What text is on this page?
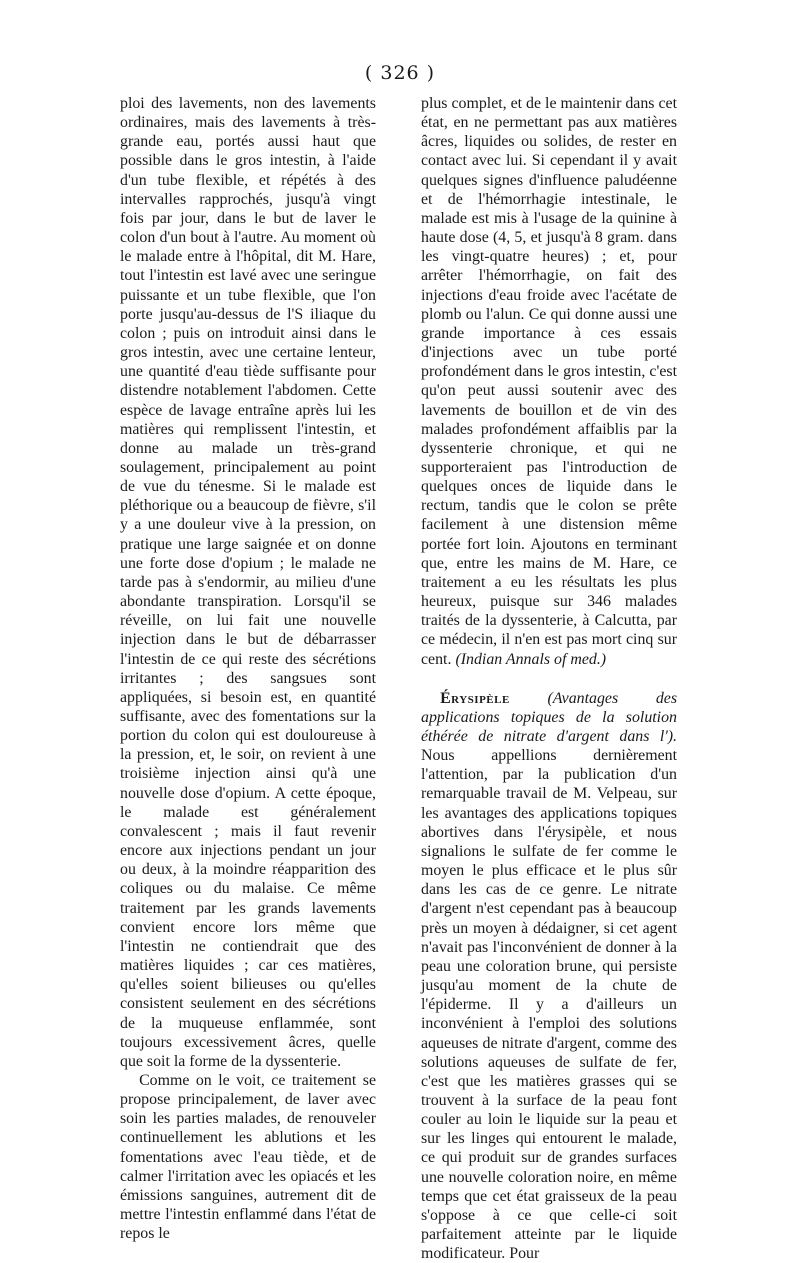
( 326 )

ploi des lavements, non des lavements ordinaires, mais des lavements à très-grande eau, portés aussi haut que possible dans le gros intestin, à l'aide d'un tube flexible, et répétés à des intervalles rapprochés, jusqu'à vingt fois par jour, dans le but de laver le colon d'un bout à l'autre. Au moment où le malade entre à l'hôpital, dit M. Hare, tout l'intestin est lavé avec une seringue puissante et un tube flexible, que l'on porte jusqu'au-dessus de l'S iliaque du colon ; puis on introduit ainsi dans le gros intestin, avec une certaine lenteur, une quantité d'eau tiède suffisante pour distendre notablement l'abdomen. Cette espèce de lavage entraîne après lui les matières qui remplissent l'intestin, et donne au malade un très-grand soulagement, principalement au point de vue du ténesme. Si le malade est pléthorique ou a beaucoup de fièvre, s'il y a une douleur vive à la pression, on pratique une large saignée et on donne une forte dose d'opium ; le malade ne tarde pas à s'endormir, au milieu d'une abondante transpiration. Lorsqu'il se réveille, on lui fait une nouvelle injection dans le but de débarrasser l'intestin de ce qui reste des sécrétions irritantes ; des sangsues sont appliquées, si besoin est, en quantité suffisante, avec des fomentations sur la portion du colon qui est douloureuse à la pression, et, le soir, on revient à une troisième injection ainsi qu'à une nouvelle dose d'opium. A cette époque, le malade est généralement convalescent ; mais il faut revenir encore aux injections pendant un jour ou deux, à la moindre réapparition des coliques ou du malaise. Ce même traitement par les grands lavements convient encore lors même que l'intestin ne contiendrait que des matières liquides ; car ces matières, qu'elles soient bilieuses ou qu'elles consistent seulement en des sécrétions de la muqueuse enflammée, sont toujours excessivement âcres, quelle que soit la forme de la dyssenterie.

Comme on le voit, ce traitement se propose principalement, de laver avec soin les parties malades, de renouveler continuellement les ablutions et les fomentations avec l'eau tiède, et de calmer l'irritation avec les opiacés et les émissions sanguines, autrement dit de mettre l'intestin enflammé dans l'état de repos le

plus complet, et de le maintenir dans cet état, en ne permettant pas aux matières âcres, liquides ou solides, de rester en contact avec lui. Si cependant il y avait quelques signes d'influence paludéenne et de l'hémorrhagie intestinale, le malade est mis à l'usage de la quinine à haute dose (4, 5, et jusqu'à 8 gram. dans les vingt-quatre heures) ; et, pour arrêter l'hémorrhagie, on fait des injections d'eau froide avec l'acétate de plomb ou l'alun. Ce qui donne aussi une grande importance à ces essais d'injections avec un tube porté profondément dans le gros intestin, c'est qu'on peut aussi soutenir avec des lavements de bouillon et de vin des malades profondément affaiblis par la dyssenterie chronique, et qui ne supporteraient pas l'introduction de quelques onces de liquide dans le rectum, tandis que le colon se prête facilement à une distension même portée fort loin. Ajoutons en terminant que, entre les mains de M. Hare, ce traitement a eu les résultats les plus heureux, puisque sur 346 malades traités de la dyssenterie, à Calcutta, par ce médecin, il n'en est pas mort cinq sur cent. (Indian Annals of med.)

Érysipèle (Avantages des applications topiques de la solution éthérée de nitrate d'argent dans l'). Nous appellions dernièrement l'attention, par la publication d'un remarquable travail de M. Velpeau, sur les avantages des applications topiques abortives dans l'érysipèle, et nous signalions le sulfate de fer comme le moyen le plus efficace et le plus sûr dans les cas de ce genre. Le nitrate d'argent n'est cependant pas à beaucoup près un moyen à dédaigner, si cet agent n'avait pas l'inconvénient de donner à la peau une coloration brune, qui persiste jusqu'au moment de la chute de l'épiderme. Il y a d'ailleurs un inconvénient à l'emploi des solutions aqueuses de nitrate d'argent, comme des solutions aqueuses de sulfate de fer, c'est que les matières grasses qui se trouvent à la surface de la peau font couler au loin le liquide sur la peau et sur les linges qui entourent le malade, ce qui produit sur de grandes surfaces une nouvelle coloration noire, en même temps que cet état graisseux de la peau s'oppose à ce que celle-ci soit parfaitement atteinte par le liquide modificateur. Pour
